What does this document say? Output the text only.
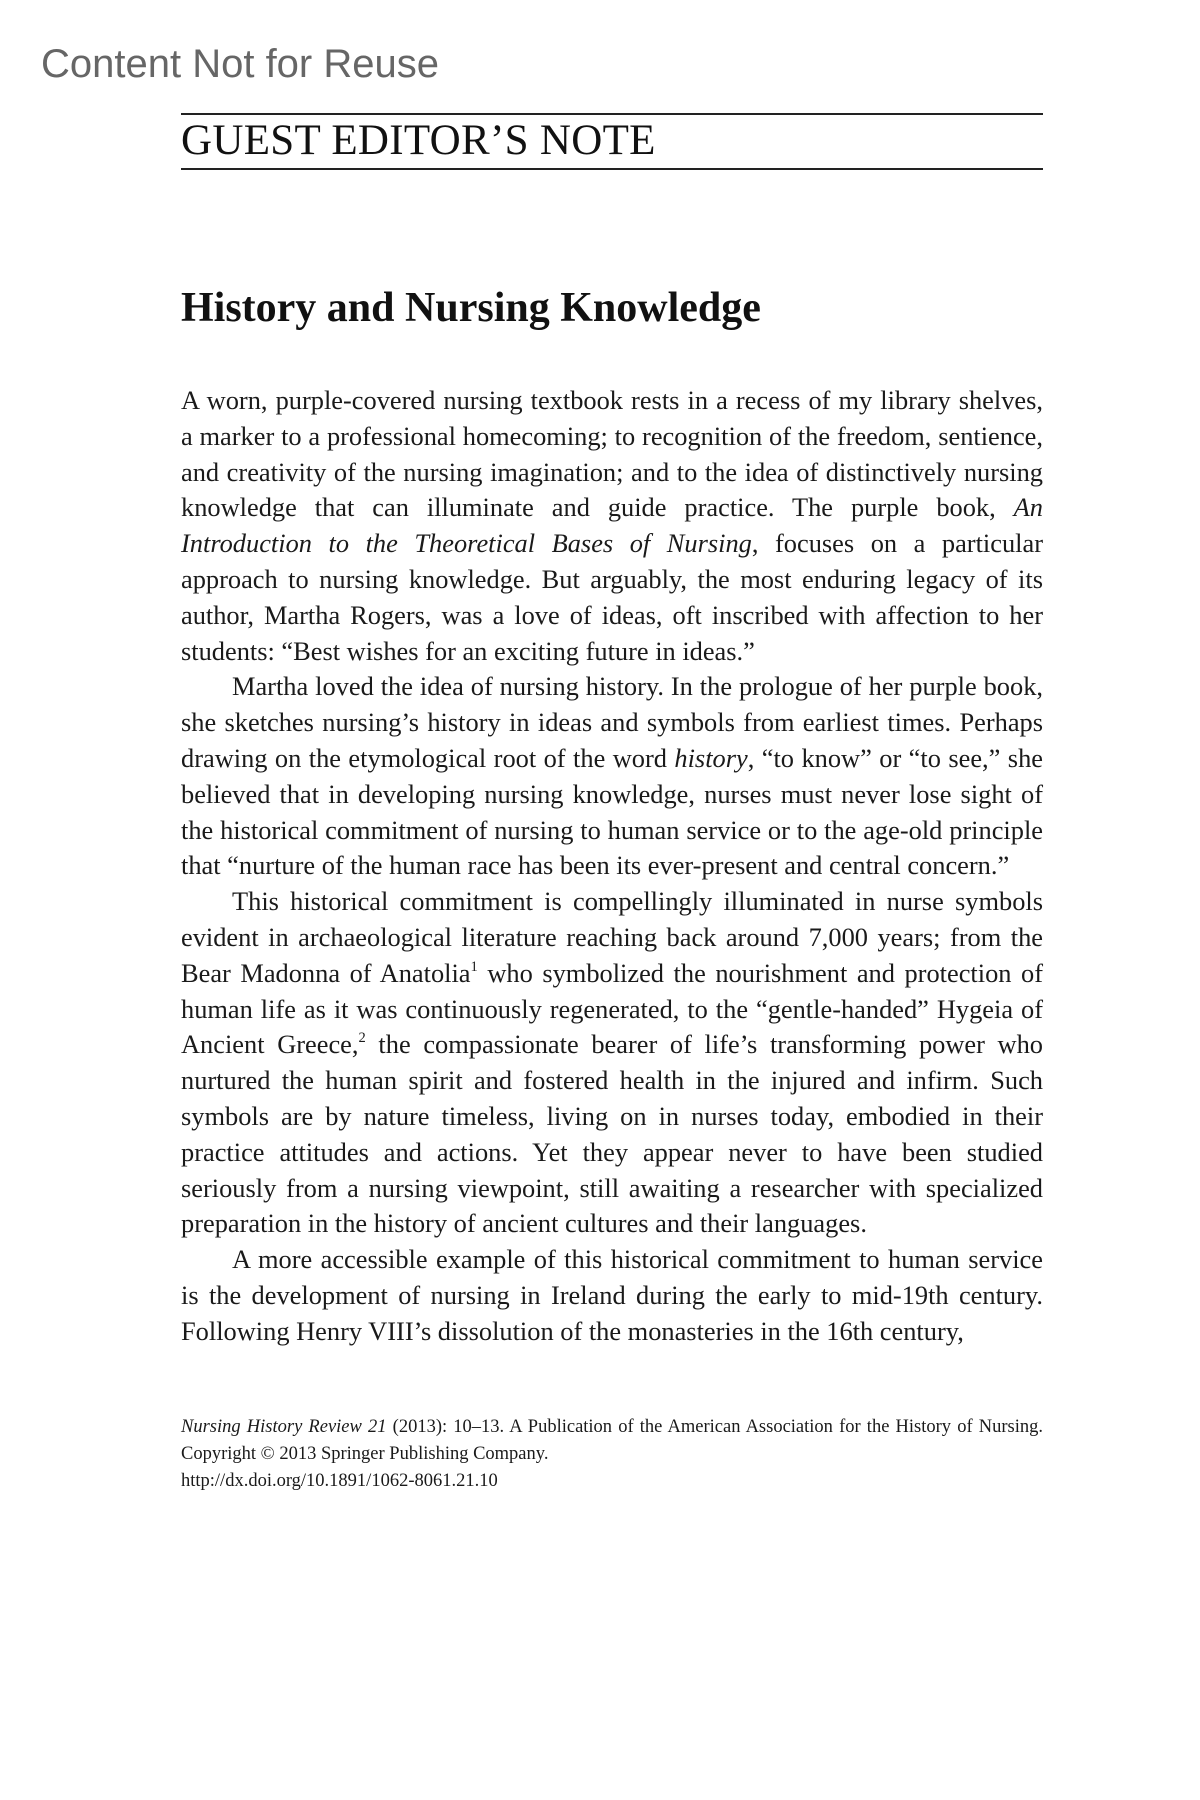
Content Not for Reuse
GUEST EDITOR’S NOTE
History and Nursing Knowledge

A worn, purple-covered nursing textbook rests in a recess of my library shelves, a marker to a professional homecoming; to recognition of the freedom, sentience, and creativity of the nursing imagination; and to the idea of distinctively nursing knowledge that can illuminate and guide practice. The purple book, An Introduction to the Theoretical Bases of Nursing, focuses on a particular approach to nursing knowledge. But arguably, the most enduring legacy of its author, Martha Rogers, was a love of ideas, oft inscribed with affection to her students: “Best wishes for an exciting future in ideas.”

Martha loved the idea of nursing history. In the prologue of her purple book, she sketches nursing’s history in ideas and symbols from earliest times. Perhaps drawing on the etymological root of the word history, “to know” or “to see,” she believed that in developing nursing knowledge, nurses must never lose sight of the historical commitment of nursing to human service or to the age-old principle that “nurture of the human race has been its ever-present and central concern.”

This historical commitment is compellingly illuminated in nurse symbols evident in archaeological literature reaching back around 7,000 years; from the Bear Madonna of Anatolia$^1$ who symbolized the nourishment and protection of human life as it was continuously regenerated, to the “gentle-handed” Hygeia of Ancient Greece,$^2$ the compassionate bearer of life’s transforming power who nurtured the human spirit and fostered health in the injured and infirm. Such symbols are by nature timeless, living on in nurses today, embodied in their practice attitudes and actions. Yet they appear never to have been studied seriously from a nursing viewpoint, still awaiting a researcher with specialized preparation in the history of ancient cultures and their languages.

A more accessible example of this historical commitment to human service is the development of nursing in Ireland during the early to mid-19th century. Following Henry VIII’s dissolution of the monasteries in the 16th century,

Nursing History Review 21 (2013): 10–13. A Publication of the American Association for the History of Nursing. Copyright © 2013 Springer Publishing Company.
http://dx.doi.org/10.1891/1062-8061.21.10
